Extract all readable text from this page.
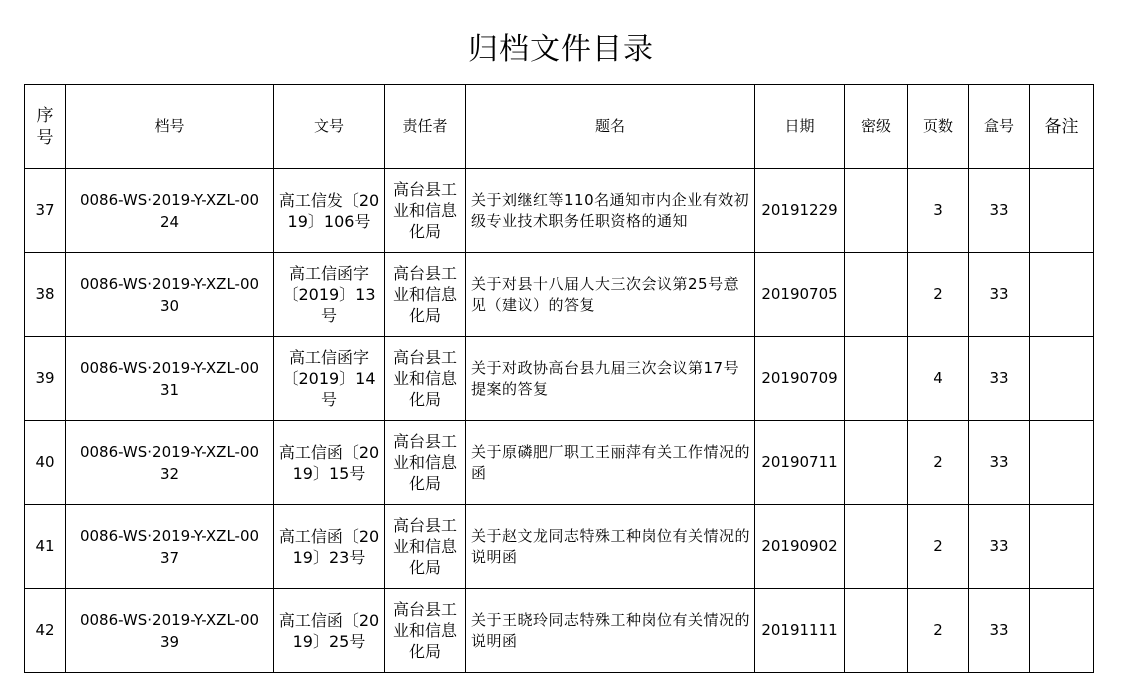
归档文件目录
序号	档号	文号	责任者	题名	日期	密级	页数	盒号	备注
37	0086-WS·2019-Y-XZL-0024	高工信发〔2019〕106号	高台县工业和信息化局	关于刘继红等110名通知市内企业有效初级专业技术职务任职资格的通知	20191229		3	33	
38	0086-WS·2019-Y-XZL-0030	高工信函字〔2019〕13号	高台县工业和信息化局	关于对县十八届人大三次会议第25号意见（建议）的答复	20190705		2	33	
39	0086-WS·2019-Y-XZL-0031	高工信函字〔2019〕14号	高台县工业和信息化局	关于对政协高台县九届三次会议第17号提案的答复	20190709		4	33	
40	0086-WS·2019-Y-XZL-0032	高工信函〔2019〕15号	高台县工业和信息化局	关于原磷肥厂职工王丽萍有关工作情况的函	20190711		2	33	
41	0086-WS·2019-Y-XZL-0037	高工信函〔2019〕23号	高台县工业和信息化局	关于赵文龙同志特殊工种岗位有关情况的说明函	20190902		2	33	
42	0086-WS·2019-Y-XZL-0039	高工信函〔2019〕25号	高台县工业和信息化局	关于王晓玲同志特殊工种岗位有关情况的说明函	20191111		2	33	
